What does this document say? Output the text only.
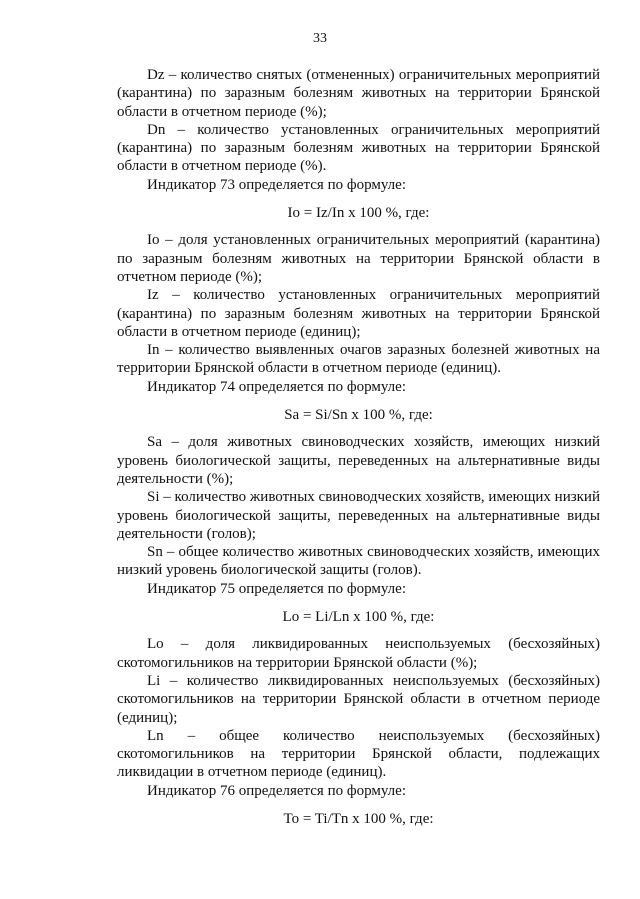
33

Dz – количество снятых (отмененных) ограничительных мероприятий (карантина) по заразным болезням животных на территории Брянской области в отчетном периоде (%);

Dn – количество установленных ограничительных мероприятий (карантина) по заразным болезням животных на территории Брянской области в отчетном периоде (%).

Индикатор 73 определяется по формуле:

Io = Iz/In x 100 %, где:

Io – доля установленных ограничительных мероприятий (карантина) по заразным болезням животных на территории Брянской области в отчетном периоде (%);

Iz – количество установленных ограничительных мероприятий (карантина) по заразным болезням животных на территории Брянской области в отчетном периоде (единиц);

In – количество выявленных очагов заразных болезней животных на территории Брянской области в отчетном периоде (единиц).

Индикатор 74 определяется по формуле:

Sa = Si/Sn x 100 %, где:

Sa – доля животных свиноводческих хозяйств, имеющих низкий уровень биологической защиты, переведенных на альтернативные виды деятельности (%);

Si – количество животных свиноводческих хозяйств, имеющих низкий уровень биологической защиты, переведенных на альтернативные виды деятельности (голов);

Sn – общее количество животных свиноводческих хозяйств, имеющих низкий уровень биологической защиты (голов).

Индикатор 75 определяется по формуле:

Lo = Li/Ln x 100 %, где:

Lo – доля ликвидированных неиспользуемых (бесхозяйных) скотомогильников на территории Брянской области (%);

Li – количество ликвидированных неиспользуемых (бесхозяйных) скотомогильников на территории Брянской области в отчетном периоде (единиц);

Ln – общее количество неиспользуемых (бесхозяйных) скотомогильников на территории Брянской области, подлежащих ликвидации в отчетном периоде (единиц).

Индикатор 76 определяется по формуле:

To = Ti/Tn x 100 %, где:
